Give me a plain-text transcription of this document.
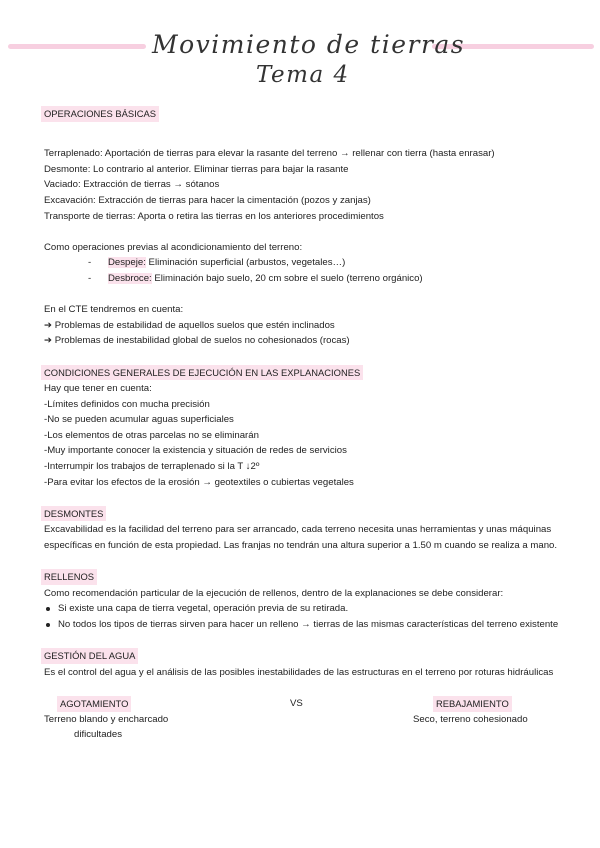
Movimiento de tierras
Tema 4
OPERACIONES BÁSICAS
Terraplenado: Aportación de tierras para elevar la rasante del terreno → rellenar con tierra (hasta enrasar)
Desmonte: Lo contrario al anterior. Eliminar tierras para bajar la rasante
Vaciado: Extracción de tierras → sótanos
Excavación: Extracción de tierras para hacer la cimentación (pozos y zanjas)
Transporte de tierras: Aporta o retira las tierras en los anteriores procedimientos
Como operaciones previas al acondicionamiento del terreno:
- Despeje: Eliminación superficial (arbustos, vegetales…)
- Desbroce: Eliminación bajo suelo, 20 cm sobre el suelo (terreno orgánico)
En el CTE tendremos en cuenta:
➔ Problemas de estabilidad de aquellos suelos que estén inclinados
➔ Problemas de inestabilidad global de suelos no cohesionados (rocas)
CONDICIONES GENERALES DE EJECUCIÓN EN LAS EXPLANACIONES
Hay que tener en cuenta:
-Límites definidos con mucha precisión
-No se pueden acumular aguas superficiales
-Los elementos de otras parcelas no se eliminarán
-Muy importante conocer la existencia y situación de redes de servicios
-Interrumpir los trabajos de terraplenado si la T ↓2º
-Para evitar los efectos de la erosión → geotextiles o cubiertas vegetales
DESMONTES
Excavabilidad es la facilidad del terreno para ser arrancado, cada terreno necesita unas herramientas y unas máquinas específicas en función de esta propiedad. Las franjas no tendrán una altura superior a 1.50 m cuando se realiza a mano.
RELLENOS
Como recomendación particular de la ejecución de rellenos, dentro de la explanaciones se debe considerar:
Si existe una capa de tierra vegetal, operación previa de su retirada.
No todos los tipos de tierras sirven para hacer un relleno → tierras de las mismas características del terreno existente
GESTIÓN DEL AGUA
Es el control del agua y el análisis de las posibles inestabilidades de las estructuras en el terreno por roturas hidráulicas
AGOTAMIENTO	VS	REBAJAMIENTO
Terreno blando y encharcado
dificultades
Seco, terreno cohesionado
